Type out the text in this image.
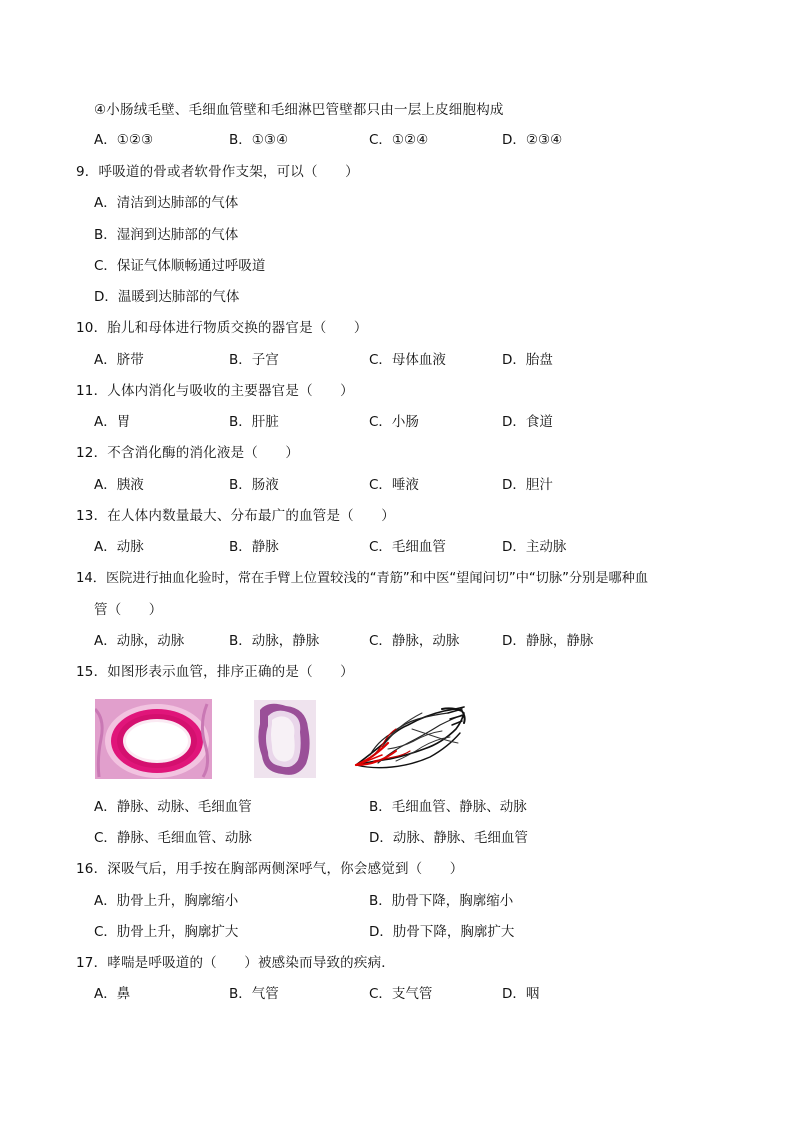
④小肠绒毛壁、毛细血管壁和毛细淋巴管壁都只由一层上皮细胞构成
A．①②③	B．①③④	C．①②④	D．②③④
9．呼吸道的骨或者软骨作支架，可以（　　）
A．清洁到达肺部的气体
B．湿润到达肺部的气体
C．保证气体顺畅通过呼吸道
D．温暖到达肺部的气体
10．胎儿和母体进行物质交换的器官是（　　）
A．脐带	B．子宫	C．母体血液	D．胎盘
11．人体内消化与吸收的主要器官是（　　）
A．胃	B．肝脏	C．小肠	D．食道
12．不含消化酶的消化液是（　　）
A．胰液	B．肠液	C．唾液	D．胆汁
13．在人体内数量最大、分布最广的血管是（　　）
A．动脉	B．静脉	C．毛细血管	D．主动脉
14．医院进行抽血化验时，常在手臂上位置较浅的“青筋”和中医“望闻问切”中“切脉”分别是哪种血
管（　　）
A．动脉，动脉	B．动脉，静脉	C．静脉，动脉	D．静脉，静脉
15．如图形表示血管，排序正确的是（　　）
A．静脉、动脉、毛细血管	B．毛细血管、静脉、动脉
C．静脉、毛细血管、动脉	D．动脉、静脉、毛细血管
16．深吸气后，用手按在胸部两侧深呼气，你会感觉到（　　）
A．肋骨上升，胸廓缩小	B．肋骨下降，胸廓缩小
C．肋骨上升，胸廓扩大	D．肋骨下降，胸廓扩大
17．哮喘是呼吸道的（　　）被感染而导致的疾病．
A．鼻	B．气管	C．支气管	D．咽
